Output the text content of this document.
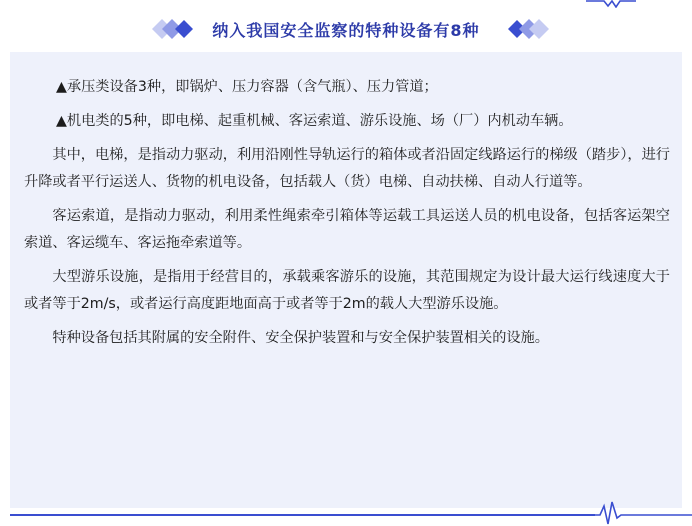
纳入我国安全监察的特种设备有8种

▲承压类设备3种，即锅炉、压力容器（含气瓶）、压力管道；

▲机电类的5种，即电梯、起重机械、客运索道、游乐设施、场（厂）内机动车辆。

其中，电梯，是指动力驱动，利用沿刚性导轨运行的箱体或者沿固定线路运行的梯级（踏步），进行升降或者平行运送人、货物的机电设备，包括载人（货）电梯、自动扶梯、自动人行道等。

客运索道，是指动力驱动，利用柔性绳索牵引箱体等运载工具运送人员的机电设备，包括客运架空索道、客运缆车、客运拖牵索道等。

大型游乐设施，是指用于经营目的，承载乘客游乐的设施，其范围规定为设计最大运行线速度大于或者等于2m/s，或者运行高度距地面高于或者等于2m的载人大型游乐设施。

特种设备包括其附属的安全附件、安全保护装置和与安全保护装置相关的设施。
